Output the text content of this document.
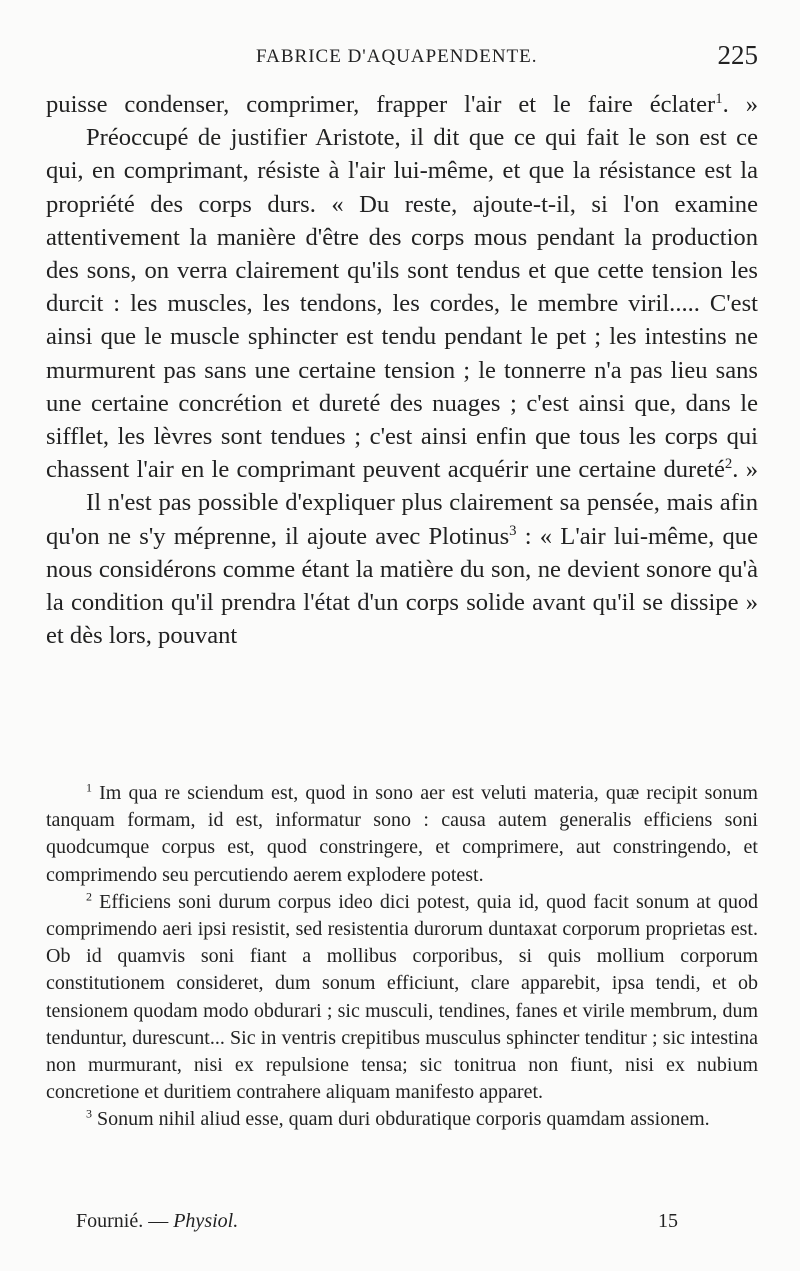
FABRICE D'AQUAPENDENTE.	225

puisse condenser, comprimer, frapper l'air et le faire éclater$^1$. »

Préoccupé de justifier Aristote, il dit que ce qui fait le son est ce qui, en comprimant, résiste à l'air lui-même, et que la résistance est la propriété des corps durs. « Du reste, ajoute-t-il, si l'on examine attentivement la manière d'être des corps mous pendant la production des sons, on verra clairement qu'ils sont tendus et que cette tension les durcit : les muscles, les tendons, les cordes, le membre viril..... C'est ainsi que le muscle sphincter est tendu pendant le pet ; les intestins ne murmurent pas sans une certaine tension ; le tonnerre n'a pas lieu sans une certaine concrétion et dureté des nuages ; c'est ainsi que, dans le sifflet, les lèvres sont tendues ; c'est ainsi enfin que tous les corps qui chassent l'air en le comprimant peuvent acquérir une certaine dureté$^2$. »

Il n'est pas possible d'expliquer plus clairement sa pensée, mais afin qu'on ne s'y méprenne, il ajoute avec Plotinus$^3$ : « L'air lui-même, que nous considérons comme étant la matière du son, ne devient sonore qu'à la condition qu'il prendra l'état d'un corps solide avant qu'il se dissipe » et dès lors, pouvant

$^1$ Im qua re sciendum est, quod in sono aer est veluti materia, quæ recipit sonum tanquam formam, id est, informatur sono : causa autem generalis efficiens soni quodcumque corpus est, quod constringere, et comprimere, aut constringendo, et comprimendo seu percutiendo aerem explodere potest.

$^2$ Efficiens soni durum corpus ideo dici potest, quia id, quod facit sonum at quod comprimendo aeri ipsi resistit, sed resistentia durorum duntaxat corporum proprietas est. Ob id quamvis soni fiant a mollibus corporibus, si quis mollium corporum constitutionem consideret, dum sonum efficiunt, clare apparebit, ipsa tendi, et ob tensionem quodam modo obdurari ; sic musculi, tendines, fanes et virile membrum, dum tenduntur, durescunt... Sic in ventris crepitibus musculus sphincter tenditur ; sic intestina non murmurant, nisi ex repulsione tensa; sic tonitrua non fiunt, nisi ex nubium concretione et duritiem contrahere aliquam manifesto apparet.

$^3$ Sonum nihil aliud esse, quam duri obduratique corporis quamdam assionem.

Fournié. — Physiol.	15
